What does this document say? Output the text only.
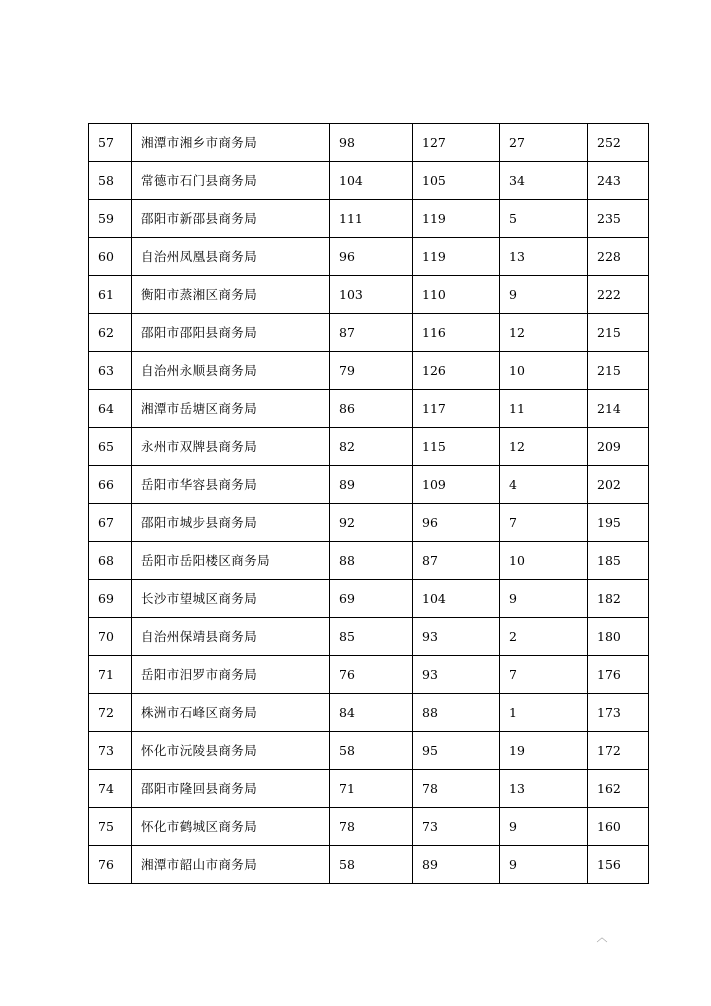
57	湘潭市湘乡市商务局	98	127	27	252
58	常德市石门县商务局	104	105	34	243
59	邵阳市新邵县商务局	111	119	5	235
60	自治州凤凰县商务局	96	119	13	228
61	衡阳市蒸湘区商务局	103	110	9	222
62	邵阳市邵阳县商务局	87	116	12	215
63	自治州永顺县商务局	79	126	10	215
64	湘潭市岳塘区商务局	86	117	11	214
65	永州市双牌县商务局	82	115	12	209
66	岳阳市华容县商务局	89	109	4	202
67	邵阳市城步县商务局	92	96	7	195
68	岳阳市岳阳楼区商务局	88	87	10	185
69	长沙市望城区商务局	69	104	9	182
70	自治州保靖县商务局	85	93	2	180
71	岳阳市汨罗市商务局	76	93	7	176
72	株洲市石峰区商务局	84	88	1	173
73	怀化市沅陵县商务局	58	95	19	172
74	邵阳市隆回县商务局	71	78	13	162
75	怀化市鹤城区商务局	78	73	9	160
76	湘潭市韶山市商务局	58	89	9	156
︿
